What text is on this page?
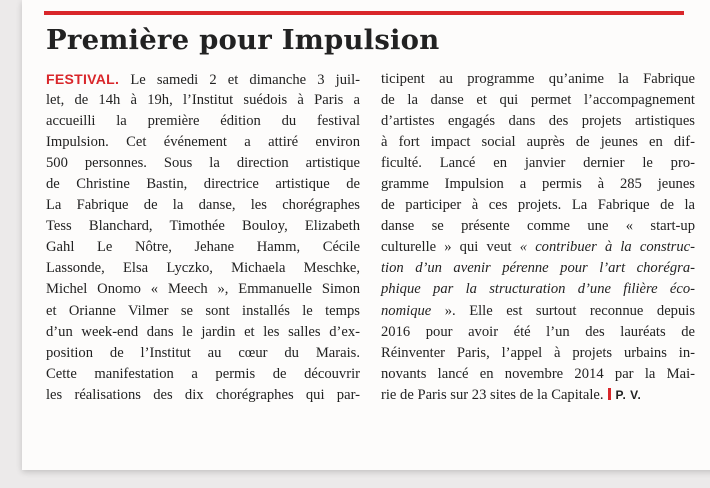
Première pour Impulsion
FESTIVAL. Le samedi 2 et dimanche 3 juil-
let, de 14h à 19h, l’Institut suédois à Paris a
accueilli la première édition du festival
Impulsion. Cet événement a attiré environ
500 personnes. Sous la direction artistique
de Christine Bastin, directrice artistique de
La Fabrique de la danse, les chorégraphes
Tess Blanchard, Timothée Bouloy, Elizabeth
Gahl Le Nôtre, Jehane Hamm, Cécile
Lassonde, Elsa Lyczko, Michaela Meschke,
Michel Onomo « Meech », Emmanuelle Simon
et Orianne Vilmer se sont installés le temps
d’un week-end dans le jardin et les salles d’ex-
position de l’Institut au cœur du Marais.
Cette manifestation a permis de découvrir
les réalisations des dix chorégraphes qui par-
ticipent au programme qu’anime la Fabrique
de la danse et qui permet l’accompagnement
d’artistes engagés dans des projets artistiques
à fort impact social auprès de jeunes en dif-
ficulté. Lancé en janvier dernier le pro-
gramme Impulsion a permis à 285 jeunes
de participer à ces projets. La Fabrique de la
danse se présente comme une « start-up
culturelle » qui veut « contribuer à la construc-
tion d’un avenir pérenne pour l’art chorégra-
phique par la structuration d’une filière éco-
nomique ». Elle est surtout reconnue depuis
2016 pour avoir été l’un des lauréats de
Réinventer Paris, l’appel à projets urbains in-
novants lancé en novembre 2014 par la Mai-
rie de Paris sur 23 sites de la Capitale. P. V.
